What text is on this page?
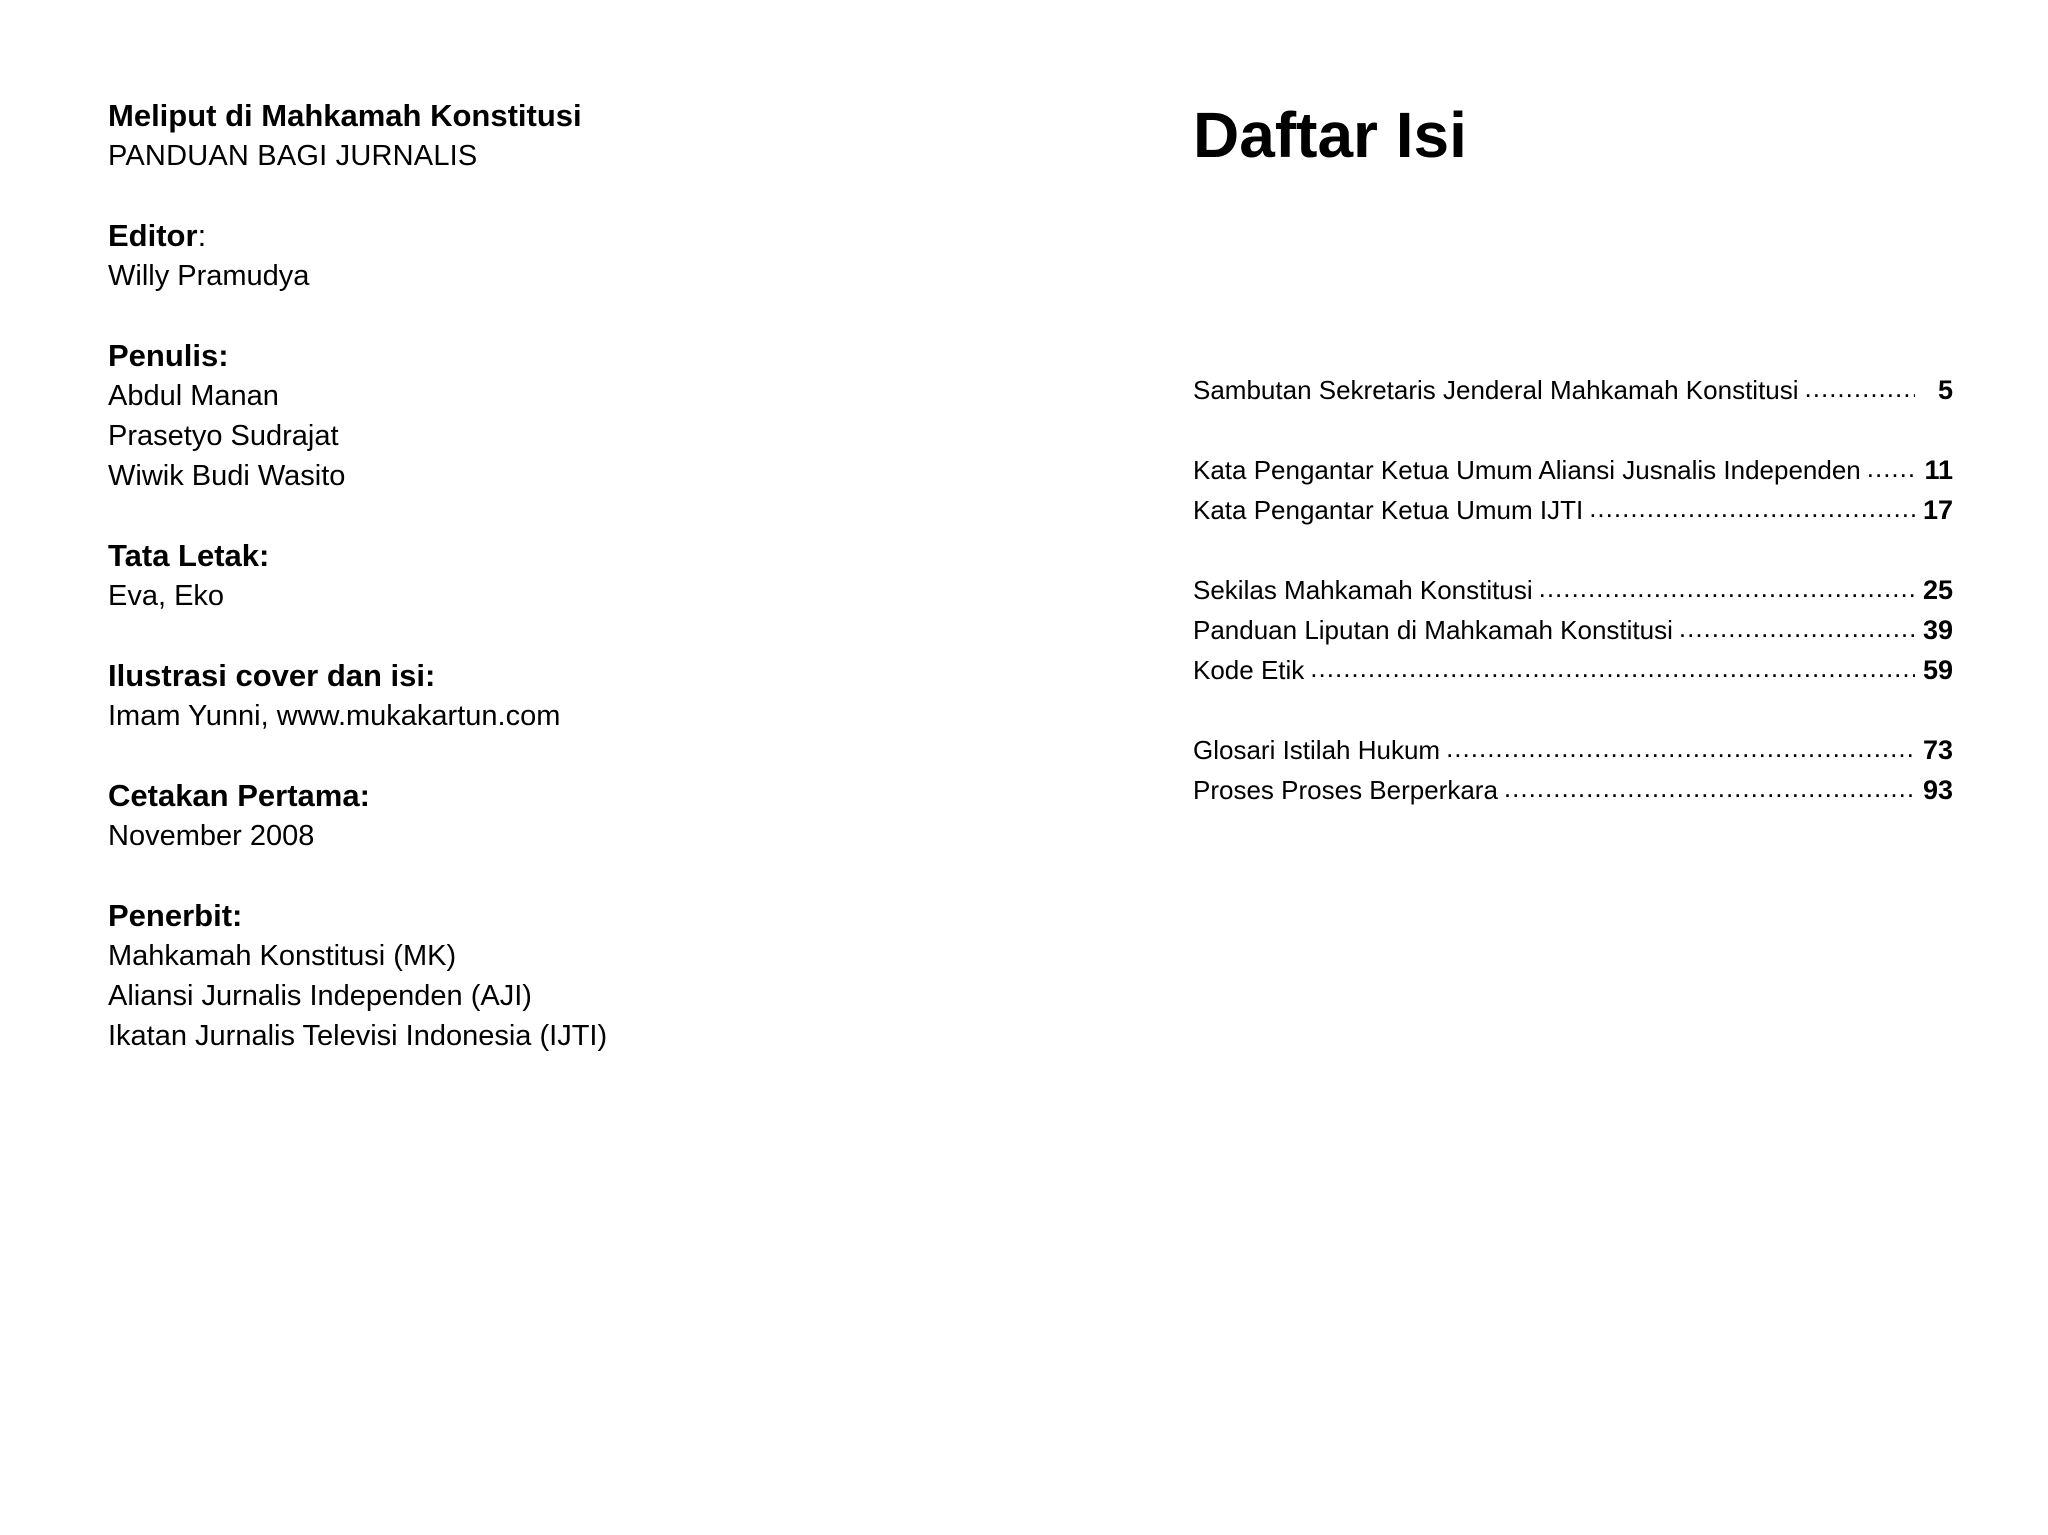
Meliput di Mahkamah Konstitusi

PANDUAN BAGI JURNALIS

Editor:
Willy Pramudya
Penulis:
Abdul Manan
Prasetyo Sudrajat
Wiwik Budi Wasito
Tata Letak:
Eva, Eko
Ilustrasi cover dan isi:
Imam Yunni, www.mukakartun.com
Cetakan Pertama:
November 2008
Penerbit:
Mahkamah Konstitusi (MK)
Aliansi Jurnalis Independen (AJI)
Ikatan Jurnalis Televisi Indonesia (IJTI)
Daftar Isi
Sambutan Sekretaris Jenderal Mahkamah Konstitusi .....	5
Kata Pengantar Ketua Umum Aliansi Jusnalis Independen ..... 11
Kata Pengantar Ketua Umum IJTI .....	17
Sekilas Mahkamah Konstitusi .....	25
Panduan Liputan di Mahkamah Konstitusi .....	39
Kode Etik .....	59
Glosari Istilah Hukum .....	73
Proses Proses Berperkara .....	93
